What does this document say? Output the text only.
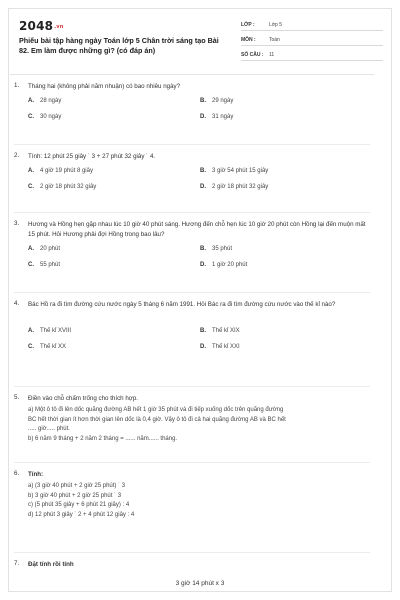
2048.vn
Phiếu bài tập hàng ngày Toán lớp 5 Chân trời sáng tạo Bài 82. Em làm được những gì? (có đáp án)
LỚP :	Lớp 5
MÔN :	Toán
SỐ CÂU :	11
1.	Tháng hai (không phải năm nhuận) có bao nhiêu ngày?
A.	28 ngày	B.	29 ngày
C.	30 ngày	D.	31 ngày
2.	Tính: 12 phút 25 giây ˙ 3 + 27 phút 32 giây ˙ 4.
A.	4 giờ 19 phút 8 giây	B.	3 giờ 54 phút 15 giây
C.	2 giờ 18 phút 32 giây	D.	2 giờ 18 phút 32 giây
3.	Hương và Hồng hẹn gặp nhau lúc 10 giờ 40 phút sáng. Hương đến chỗ hẹn lúc 10 giờ 20 phút còn Hồng lại đến muộn mất 15 phút. Hỏi Hương phải đợi Hồng trong bao lâu?
A.	20 phút	B.	35 phút
C.	55 phút	D.	1 giờ 20 phút
4.	Bác Hồ ra đi tìm đường cứu nước ngày 5 tháng 6 năm 1991. Hỏi Bác ra đi tìm đường cứu nước vào thế kỉ nào?
A.	Thế kỉ XVIII	B.	Thế kỉ XIX
C.	Thế kỉ XX	D.	Thế kỉ XXI
5.	Điền vào chỗ chấm trống cho thích hợp.
a) Một ô tô đi lên dốc quãng đường AB hết 1 giờ 35 phút và đi tiếp xuống dốc trên quãng đường
BC hết thời gian ít hơn thời gian lên dốc là 0,4 giờ. Vậy ô tô đi cả hai quãng đường AB và BC hết
..... giờ..... phút.
b) 6 năm 9 tháng + 2 năm 2 tháng = ...... năm...... tháng.
6.	Tính:
a) (3 giờ 40 phút + 2 giờ 25 phút) ˙ 3
b) 3 giờ 40 phút + 2 giờ 25 phút ˙ 3
c) (5 phút 35 giây + 6 phút 21 giây) : 4
d) 12 phút 3 giây ˙ 2 + 4 phút 12 giây : 4
7.	Đặt tính rồi tính
3 giờ 14 phút x 3
